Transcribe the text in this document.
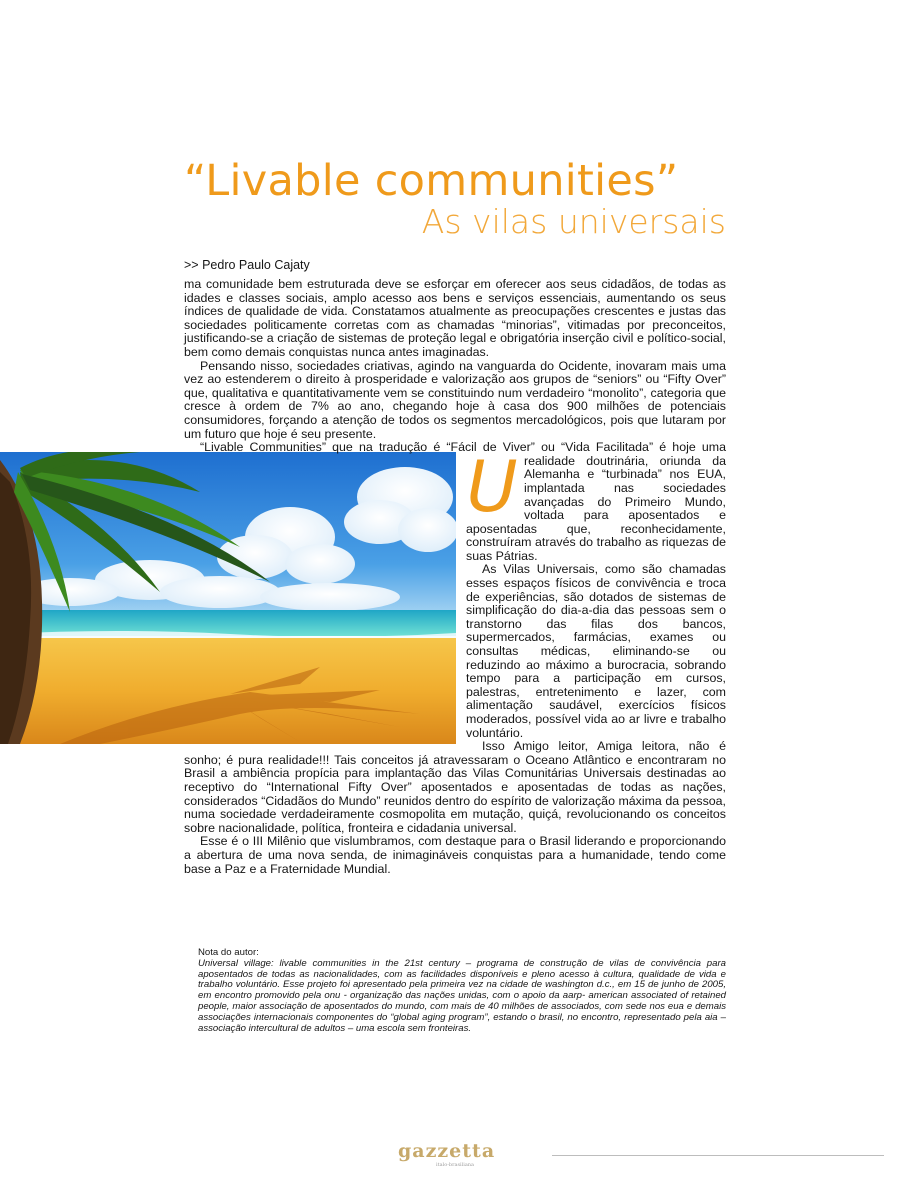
“Livable communities”
As vilas universais

>> Pedro Paulo Cajaty

U
ma comunidade bem estruturada deve se esforçar em oferecer aos seus cidadãos, de todas as idades e classes sociais, amplo acesso aos bens e serviços essenciais, aumentando os seus índices de qualidade de vida. Constatamos atualmente as preocupações crescentes e justas das sociedades politicamente corretas com as chamadas “minorias”, vitimadas por preconceitos, justificando-se a criação de sistemas de proteção legal e obrigatória inserção civil e político-social, bem como demais conquistas nunca antes imaginadas.

Pensando nisso, sociedades criativas, agindo na vanguarda do Ocidente, inovaram mais uma vez ao estenderem o direito à prosperidade e valorização aos grupos de “seniors” ou “Fifty Over” que, qualitativa e quantitativamente vem se constituindo num verdadeiro “monolito”, categoria que cresce à ordem de 7% ao ano, chegando hoje à casa dos 900 milhões de potenciais consumidores, forçando a atenção de todos os segmentos mercadológicos, pois que lutaram por um futuro que hoje é seu presente.

“Livable Communities” que na tradução é “Fácil de Viver” ou “Vida Facilitada” é hoje uma realidade doutrinária, oriunda da Alemanha e “turbinada” nos EUA, implantada nas sociedades avançadas do Primeiro Mundo, voltada para aposentados e aposentadas que, reconhecidamente, construíram através do trabalho as riquezas de suas Pátrias.

As Vilas Universais, como são chamadas esses espaços físicos de convivência e troca de experiências, são dotados de sistemas de simplificação do dia-a-dia das pessoas sem o transtorno das filas dos bancos, supermercados, farmácias, exames ou consultas médicas, eliminando-se ou reduzindo ao máximo a burocracia, sobrando tempo para a participação em cursos, palestras, entretenimento e lazer, com alimentação saudável, exercícios físicos moderados, possível vida ao ar livre e trabalho voluntário.

Isso Amigo leitor, Amiga leitora, não é sonho; é pura realidade!!! Tais conceitos já atravessaram o Oceano Atlântico e encontraram no Brasil a ambiência propícia para implantação das Vilas Comunitárias Universais destinadas ao receptivo do “International Fifty Over” aposentados e aposentadas de todas as nações, considerados “Cidadãos do Mundo” reunidos dentro do espírito de valorização máxima da pessoa, numa sociedade verdadeiramente cosmopolita em mutação, quiçá, revolucionando os conceitos sobre nacionalidade, política, fronteira e cidadania universal.

Esse é o III Milênio que vislumbramos, com destaque para o Brasil liderando e proporcionando a abertura de uma nova senda, de inimagináveis conquistas para a humanidade, tendo come base a Paz e a Fraternidade Mundial.

Nota do autor:

Universal village: livable communities in the 21st century – programa de construção de vilas de convivência para aposentados de todas as nacionalidades, com as facilidades disponíveis e pleno acesso à cultura, qualidade de vida e trabalho voluntário. Esse projeto foi apresentado pela primeira vez na cidade de washington d.c., em 15 de junho de 2005, em encontro promovido pela onu - organização das nações unidas, com o apoio da aarp- american associated of retained people, maior associação de aposentados do mundo, com mais de 40 milhões de associados, com sede nos eua e demais associações internacionais componentes do “global aging program”, estando o brasil, no encontro, representado pela aia – associação intercultural de adultos – uma escola sem fronteiras.

gazzetta

italo-brasiliana
